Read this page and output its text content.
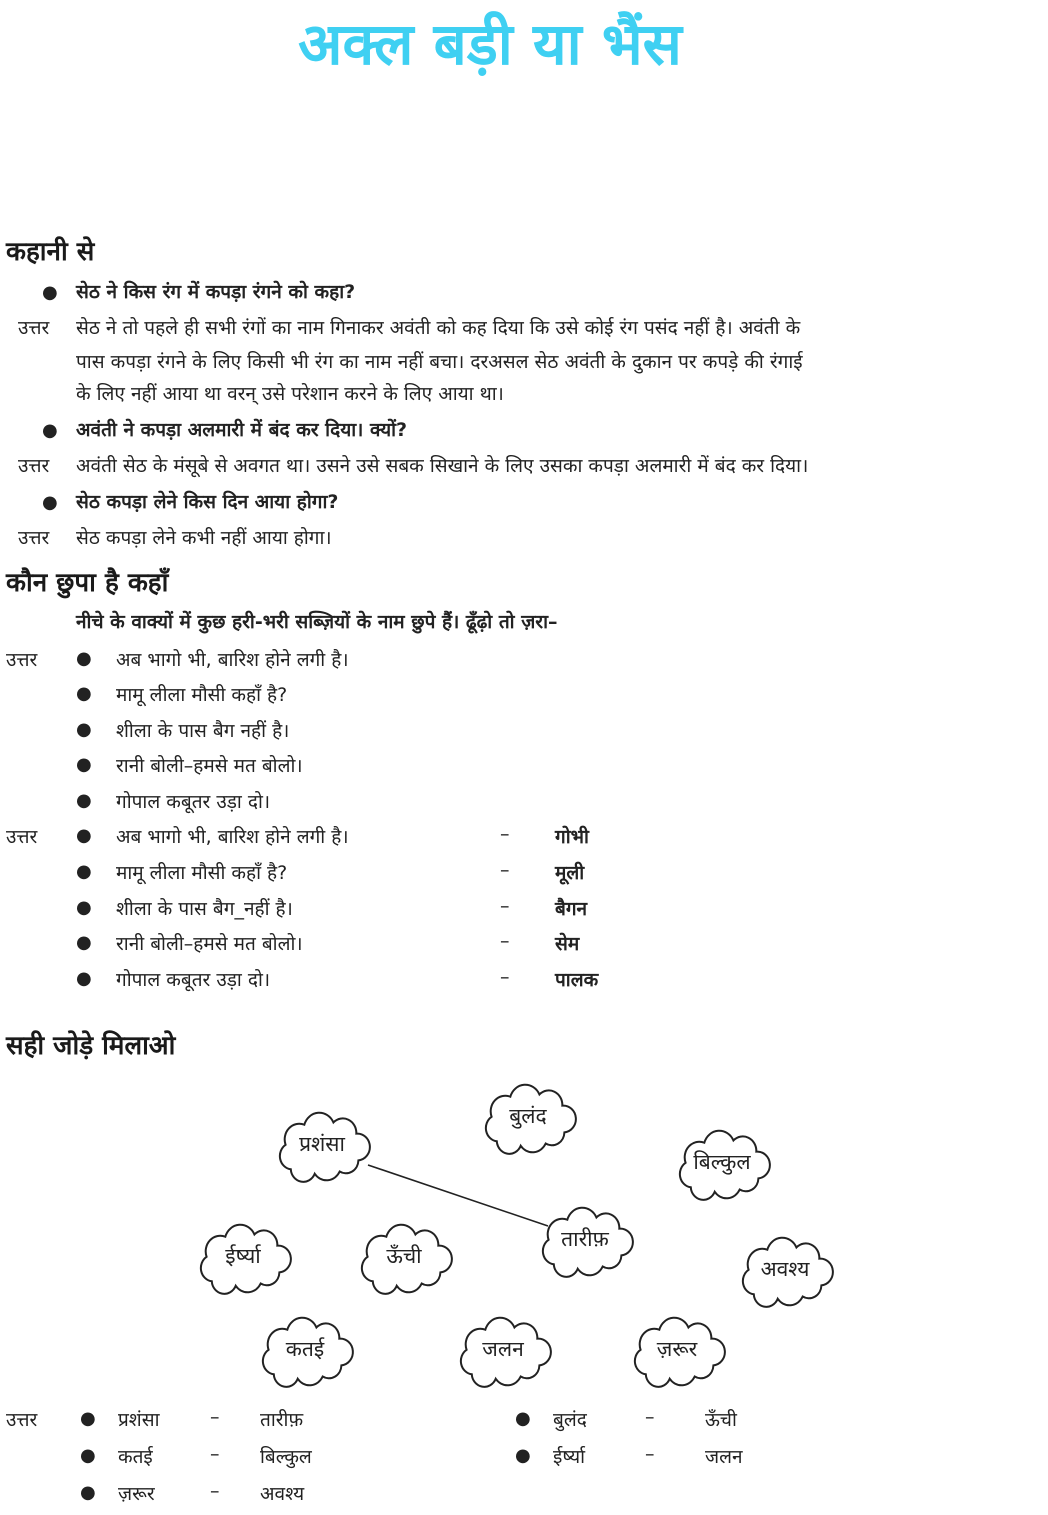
अक्ल बड़ी या भैंस
कहानी से
● सेठ ने किस रंग में कपड़ा रंगने को कहा?
उत्तर सेठ ने तो पहले ही सभी रंगों का नाम गिनाकर अवंती को कह दिया कि उसे कोई रंग पसंद नहीं है। अवंती के
पास कपड़ा रंगने के लिए किसी भी रंग का नाम नहीं बचा। दरअसल सेठ अवंती के दुकान पर कपड़े की रंगाई
के लिए नहीं आया था वरन् उसे परेशान करने के लिए आया था।
● अवंती ने कपड़ा अलमारी में बंद कर दिया। क्यों?
उत्तर अवंती सेठ के मंसूबे से अवगत था। उसने उसे सबक सिखाने के लिए उसका कपड़ा अलमारी में बंद कर दिया।
● सेठ कपड़ा लेने किस दिन आया होगा?
उत्तर सेठ कपड़ा लेने कभी नहीं आया होगा।
कौन छुपा है कहाँ
नीचे के वाक्यों में कुछ हरी-भरी सब्ज़ियों के नाम छुपे हैं। ढूँढ़ो तो ज़रा–
उत्तर ● अब भागो भी, बारिश होने लगी है।
● मामू लीला मौसी कहाँ है?
● शीला के पास बैग नहीं है।
● रानी बोली–हमसे मत बोलो।
● गोपाल कबूतर उड़ा दो।
उत्तर ● अब भागो भी, बारिश होने लगी है।	– गोभी
● मामू लीला मौसी कहाँ है?	– मूली
● शीला के पास बैग_नहीं है।	– बैगन
● रानी बोली–हमसे मत बोलो।	– सेम
● गोपाल कबूतर उड़ा दो।	– पालक
सही जोड़े मिलाओ
प्रशंसा
बुलंद
बिल्कुल
तारीफ़
ईर्ष्या	ऊँची
अवश्य
कतई	जलन	ज़रूर
उत्तर ● प्रशंसा	– तारीफ़
● कतई	– बिल्कुल
● ज़रूर	– अवश्य
● बुलंद	–	ऊँची
● ईर्ष्या	–	जलन
